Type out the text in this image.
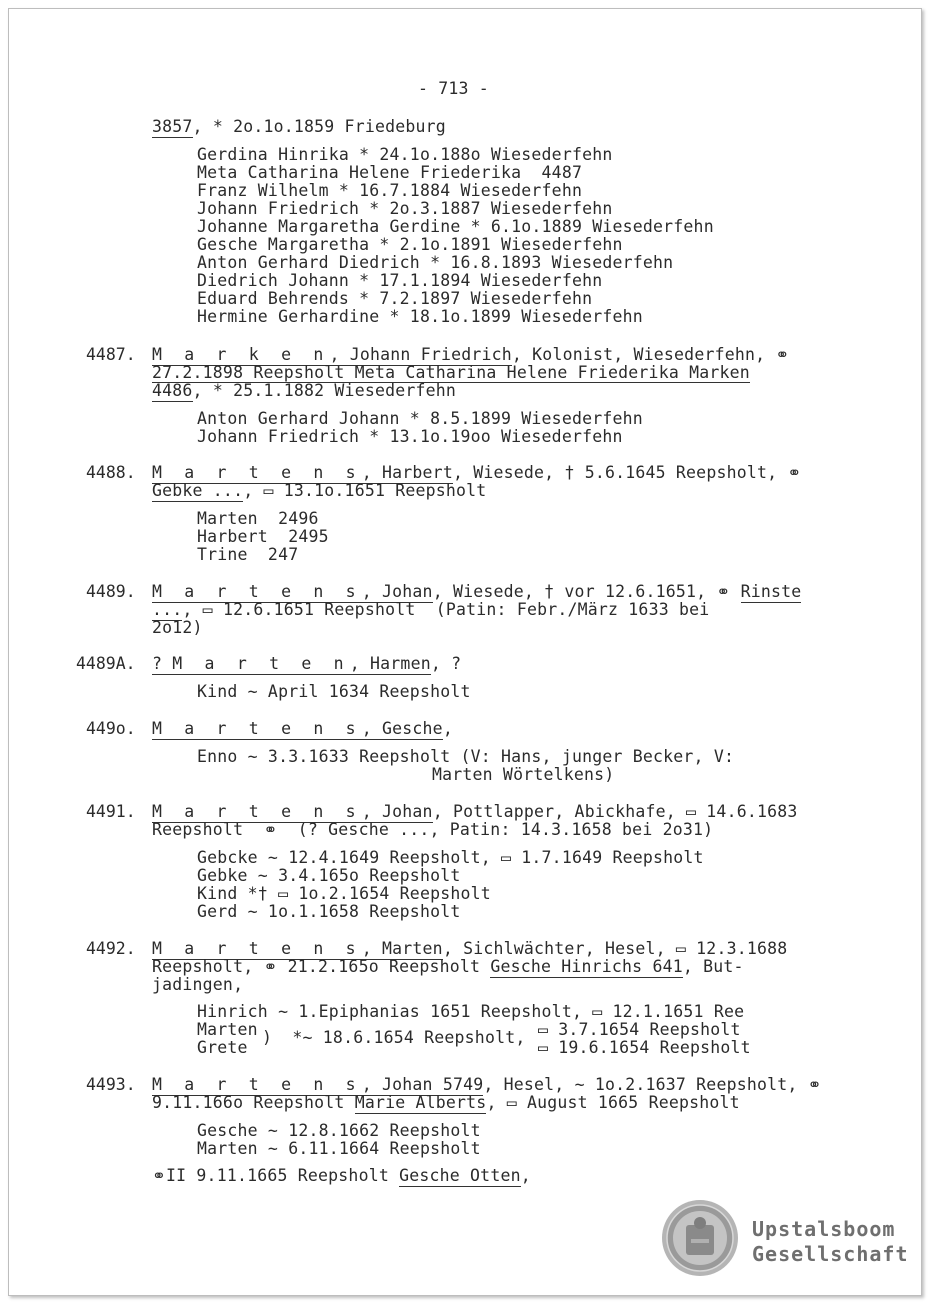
- 713 -
3857, * 2o.1o.1859 Friedeburg
Gerdina Hinrika * 24.1o.188o Wiesederfehn
Meta Catharina Helene Friederika  4487
Franz Wilhelm * 16.7.1884 Wiesederfehn
Johann Friedrich * 2o.3.1887 Wiesederfehn
Johanne Margaretha Gerdine * 6.1o.1889 Wiesederfehn
Gesche Margaretha * 2.1o.1891 Wiesederfehn
Anton Gerhard Diedrich * 16.8.1893 Wiesederfehn
Diedrich Johann * 17.1.1894 Wiesederfehn
Eduard Behrends * 7.2.1897 Wiesederfehn
Hermine Gerhardine * 18.1o.1899 Wiesederfehn
4487. M a r k e n, Johann Friedrich, Kolonist, Wiesederfehn, ⚭
27.2.1898 Reepsholt Meta Catharina Helene Friederika Marken
4486, * 25.1.1882 Wiesederfehn
Anton Gerhard Johann * 8.5.1899 Wiesederfehn
Johann Friedrich * 13.1o.19oo Wiesederfehn
4488. M a r t e n s, Harbert, Wiesede, † 5.6.1645 Reepsholt, ⚭
Gebke ..., ▭ 13.1o.1651 Reepsholt
Marten  2496
Harbert  2495
Trine  247
4489. M a r t e n s, Johan, Wiesede, † vor 12.6.1651, ⚭ Rinste
..., ▭ 12.6.1651 Reepsholt  (Patin: Febr./März 1633 bei
2o12)
4489A. ? M a r t e n, Harmen, ?
Kind ~ April 1634 Reepsholt
449o. M a r t e n s, Gesche,
Enno ~ 3.3.1633 Reepsholt (V: Hans, junger Becker, V:
Marten Wörtelkens)
4491. M a r t e n s, Johan, Pottlapper, Abickhafe, ▭ 14.6.1683
Reepsholt  ⚭  (? Gesche ..., Patin: 14.3.1658 bei 2o31)
Gebcke ~ 12.4.1649 Reepsholt, ▭ 1.7.1649 Reepsholt
Gebke ~ 3.4.165o Reepsholt
Kind *† ▭ 1o.2.1654 Reepsholt
Gerd ~ 1o.1.1658 Reepsholt
4492. M a r t e n s, Marten, Sichlwächter, Hesel, ▭ 12.3.1688
Reepsholt, ⚭ 21.2.165o Reepsholt Gesche Hinrichs 641, But-
jadingen,
Hinrich ~ 1.Epiphanias 1651 Reepsholt, ▭ 12.1.1651 Ree
Marten )  *~ 18.6.1654 Reepsholt, ▭ 3.7.1654 Reepsholt
Grete	▭ 19.6.1654 Reepsholt
4493. M a r t e n s, Johan 5749, Hesel, ~ 1o.2.1637 Reepsholt, ⚭
9.11.166o Reepsholt Marie Alberts, ▭ August 1665 Reepsholt
Gesche ~ 12.8.1662 Reepsholt
Marten ~ 6.11.1664 Reepsholt
⚭II 9.11.1665 Reepsholt Gesche Otten,
Upstalsboom
Gesellschaft
